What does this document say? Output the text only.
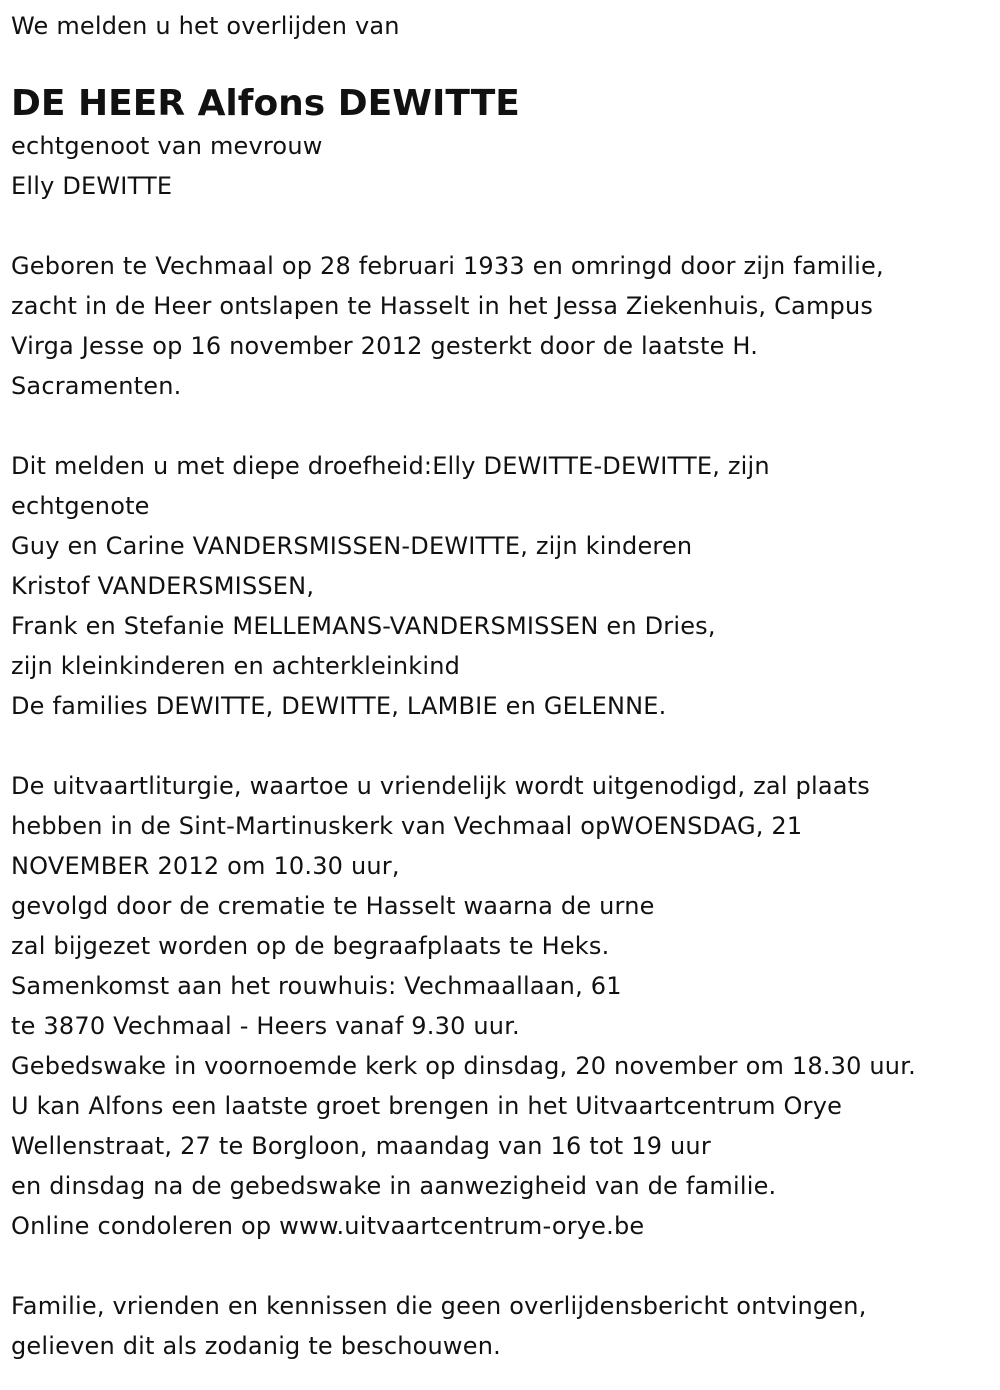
We melden u het overlijden van
DE HEER Alfons DEWITTE
echtgenoot van mevrouw
Elly DEWITTE
Geboren te Vechmaal op 28 februari 1933 en omringd door zijn familie,
zacht in de Heer ontslapen te Hasselt in het Jessa Ziekenhuis, Campus
Virga Jesse op 16 november 2012 gesterkt door de laatste H.
Sacramenten.
Dit melden u met diepe droefheid:Elly DEWITTE-DEWITTE, zijn
echtgenote
Guy en Carine VANDERSMISSEN-DEWITTE, zijn kinderen
Kristof VANDERSMISSEN,
Frank en Stefanie MELLEMANS-VANDERSMISSEN en Dries,
zijn kleinkinderen en achterkleinkind
De families DEWITTE, DEWITTE, LAMBIE en GELENNE.
De uitvaartliturgie, waartoe u vriendelijk wordt uitgenodigd, zal plaats
hebben in de Sint-Martinuskerk van Vechmaal opWOENSDAG, 21
NOVEMBER 2012 om 10.30 uur,
gevolgd door de crematie te Hasselt waarna de urne
zal bijgezet worden op de begraafplaats te Heks.
Samenkomst aan het rouwhuis: Vechmaallaan, 61
te 3870 Vechmaal - Heers vanaf 9.30 uur.
Gebedswake in voornoemde kerk op dinsdag, 20 november om 18.30 uur.
U kan Alfons een laatste groet brengen in het Uitvaartcentrum Orye
Wellenstraat, 27 te Borgloon, maandag van 16 tot 19 uur
en dinsdag na de gebedswake in aanwezigheid van de familie.
Online condoleren op www.uitvaartcentrum-orye.be
Familie, vrienden en kennissen die geen overlijdensbericht ontvingen,
gelieven dit als zodanig te beschouwen.
